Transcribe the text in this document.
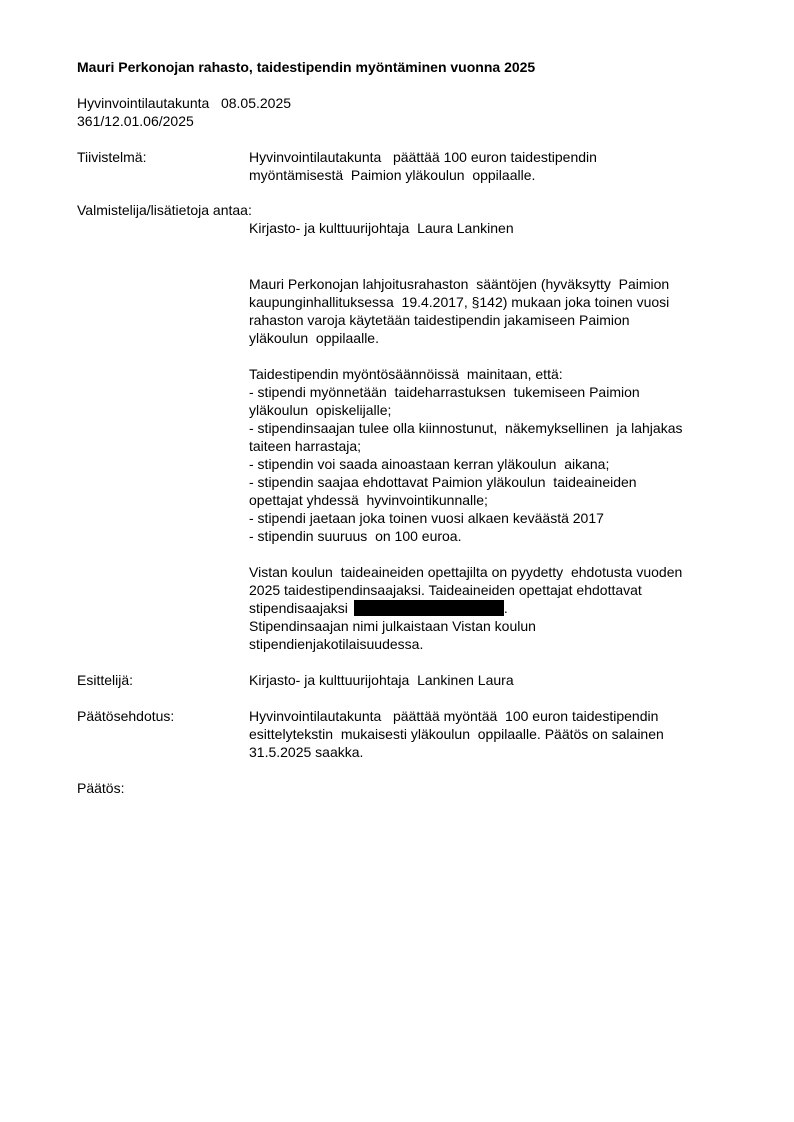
Mauri Perkonojan rahasto, taidestipendin myöntäminen vuonna 2025

Hyvinvointilautakunta   08.05.2025
361/12.01.06/2025
Tiivistelmä:	Hyvinvointilautakunta   päättää 100 euron taidestipendin
myöntämisestä  Paimion yläkoulun  oppilaalle.
Valmistelija/lisätietoja antaa:
Kirjasto- ja kulttuurijohtaja  Laura Lankinen
Mauri Perkonojan lahjoitusrahaston  sääntöjen (hyväksytty  Paimion
kaupunginhallituksessa  19.4.2017, §142) mukaan joka toinen vuosi
rahaston varoja käytetään taidestipendin jakamiseen Paimion
yläkoulun  oppilaalle.
Taidestipendin myöntösäännöissä  mainitaan, että:
- stipendi myönnetään  taideharrastuksen  tukemiseen Paimion
yläkoulun  opiskelijalle;
- stipendinsaajan tulee olla kiinnostunut,  näkemyksellinen  ja lahjakas
taiteen harrastaja;
- stipendin voi saada ainoastaan kerran yläkoulun  aikana;
- stipendin saajaa ehdottavat Paimion yläkoulun  taideaineiden
opettajat yhdessä  hyvinvointikunnalle;
- stipendi jaetaan joka toinen vuosi alkaen keväästä 2017
- stipendin suuruus  on 100 euroa.
Vistan koulun  taideaineiden opettajilta on pyydetty  ehdotusta vuoden
2025 taidestipendinsaajaksi. Taideaineiden opettajat ehdottavat
stipendisaajaksi	.
Stipendinsaajan nimi julkaistaan Vistan koulun
stipendienjakotilaisuudessa.
Esittelijä:	Kirjasto- ja kulttuurijohtaja  Lankinen Laura
Päätösehdotus:	Hyvinvointilautakunta   päättää myöntää  100 euron taidestipendin
esittelytekstin  mukaisesti yläkoulun  oppilaalle. Päätös on salainen
31.5.2025 saakka.
Päätös:
